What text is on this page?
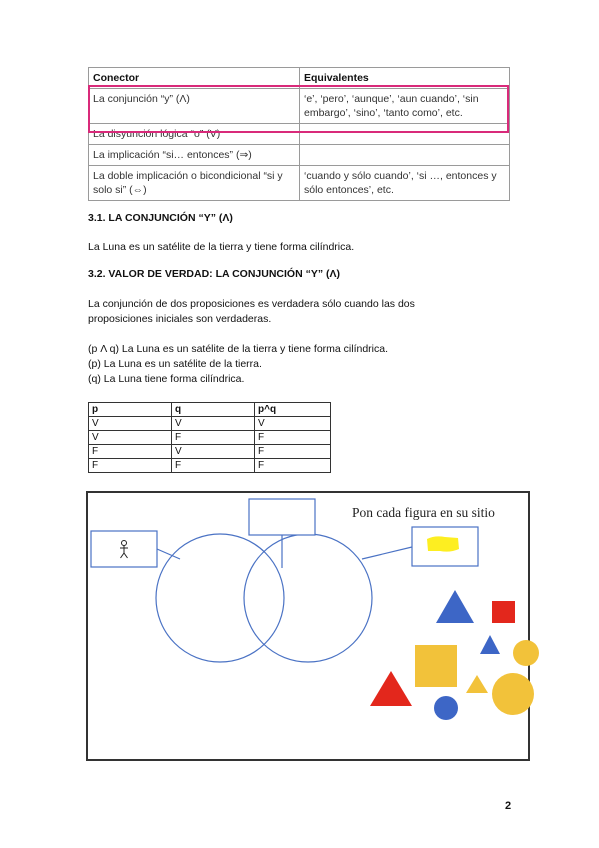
Conector	Equivalentes
La conjunción “y” (Λ)	‘e’, ‘pero’, ‘aunque’, ‘aun cuando’, ‘sin embargo’, ‘sino’, ‘tanto como’, etc.
La disyunción lógica “o” (V)	
La implicación “si… entonces” (⇒)	
La doble implicación o bicondicional “si y solo si” (⇔)	‘cuando y sólo cuando’, ‘si …, entonces y sólo entonces’, etc.
3.1. LA CONJUNCIÓN “Y” (Λ)
La Luna es un satélite de la tierra y tiene forma cilíndrica.
3.2. VALOR DE VERDAD: LA CONJUNCIÓN “Y” (Λ)
La conjunción de dos proposiciones es verdadera sólo cuando las dos
proposiciones iniciales son verdaderas.
(p Λ q) La Luna es un satélite de la tierra y tiene forma cilíndrica.
(p) La Luna es un satélite de la tierra.
(q) La Luna tiene forma cilíndrica.
p	q	p^q
V	V	V
V	F	F
F	V	F
F	F	F
Pon cada figura en su sitio
2
